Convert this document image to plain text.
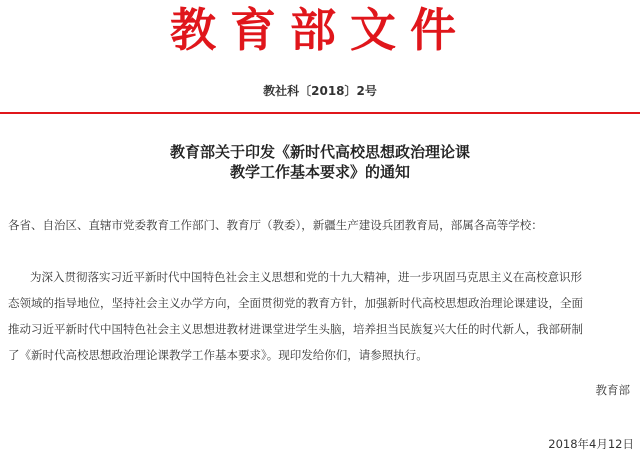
教育部文件
教社科〔2018〕2号
教育部关于印发《新时代高校思想政治理论课
教学工作基本要求》的通知
各省、自治区、直辖市党委教育工作部门、教育厅（教委），新疆生产建设兵团教育局，部属各高等学校：
为深入贯彻落实习近平新时代中国特色社会主义思想和党的十九大精神，进一步巩固马克思主义在高校意识形
态领域的指导地位，坚持社会主义办学方向，全面贯彻党的教育方针，加强新时代高校思想政治理论课建设，全面
推动习近平新时代中国特色社会主义思想进教材进课堂进学生头脑，培养担当民族复兴大任的时代新人，我部研制
了《新时代高校思想政治理论课教学工作基本要求》。现印发给你们，请参照执行。
教育部
2018年4月12日
